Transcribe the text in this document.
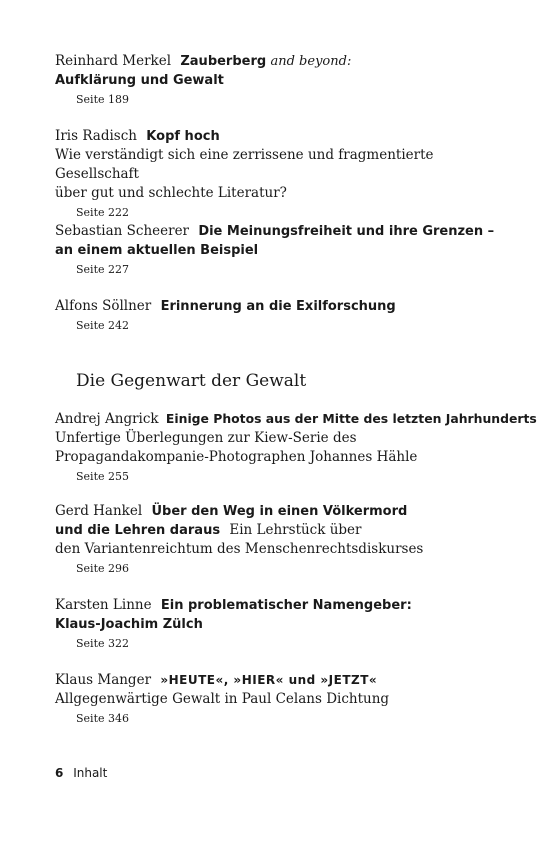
Reinhard Merkel Zauberberg and beyond:
Aufklärung und Gewalt
Seite 189
Iris Radisch Kopf hoch
Wie verständigt sich eine zerrissene und fragmentierte Gesellschaft
über gut und schlechte Literatur?
Seite 222
Sebastian Scheerer Die Meinungsfreiheit und ihre Grenzen –
an einem aktuellen Beispiel
Seite 227
Alfons Söllner Erinnerung an die Exilforschung
Seite 242
Die Gegenwart der Gewalt
Andrej Angrick Einige Photos aus der Mitte des letzten Jahrhunderts
Unfertige Überlegungen zur Kiew-Serie des
Propagandakompanie-Photographen Johannes Hähle
Seite 255
Gerd Hankel Über den Weg in einen Völkermord
und die Lehren daraus Ein Lehrstück über
den Variantenreichtum des Menschenrechtsdiskurses
Seite 296
Karsten Linne Ein problematischer Namengeber:
Klaus-Joachim Zülch
Seite 322
Klaus Manger »HEUTE«, »HIER« und »JETZT«
Allgegenwärtige Gewalt in Paul Celans Dichtung
Seite 346
6 Inhalt
